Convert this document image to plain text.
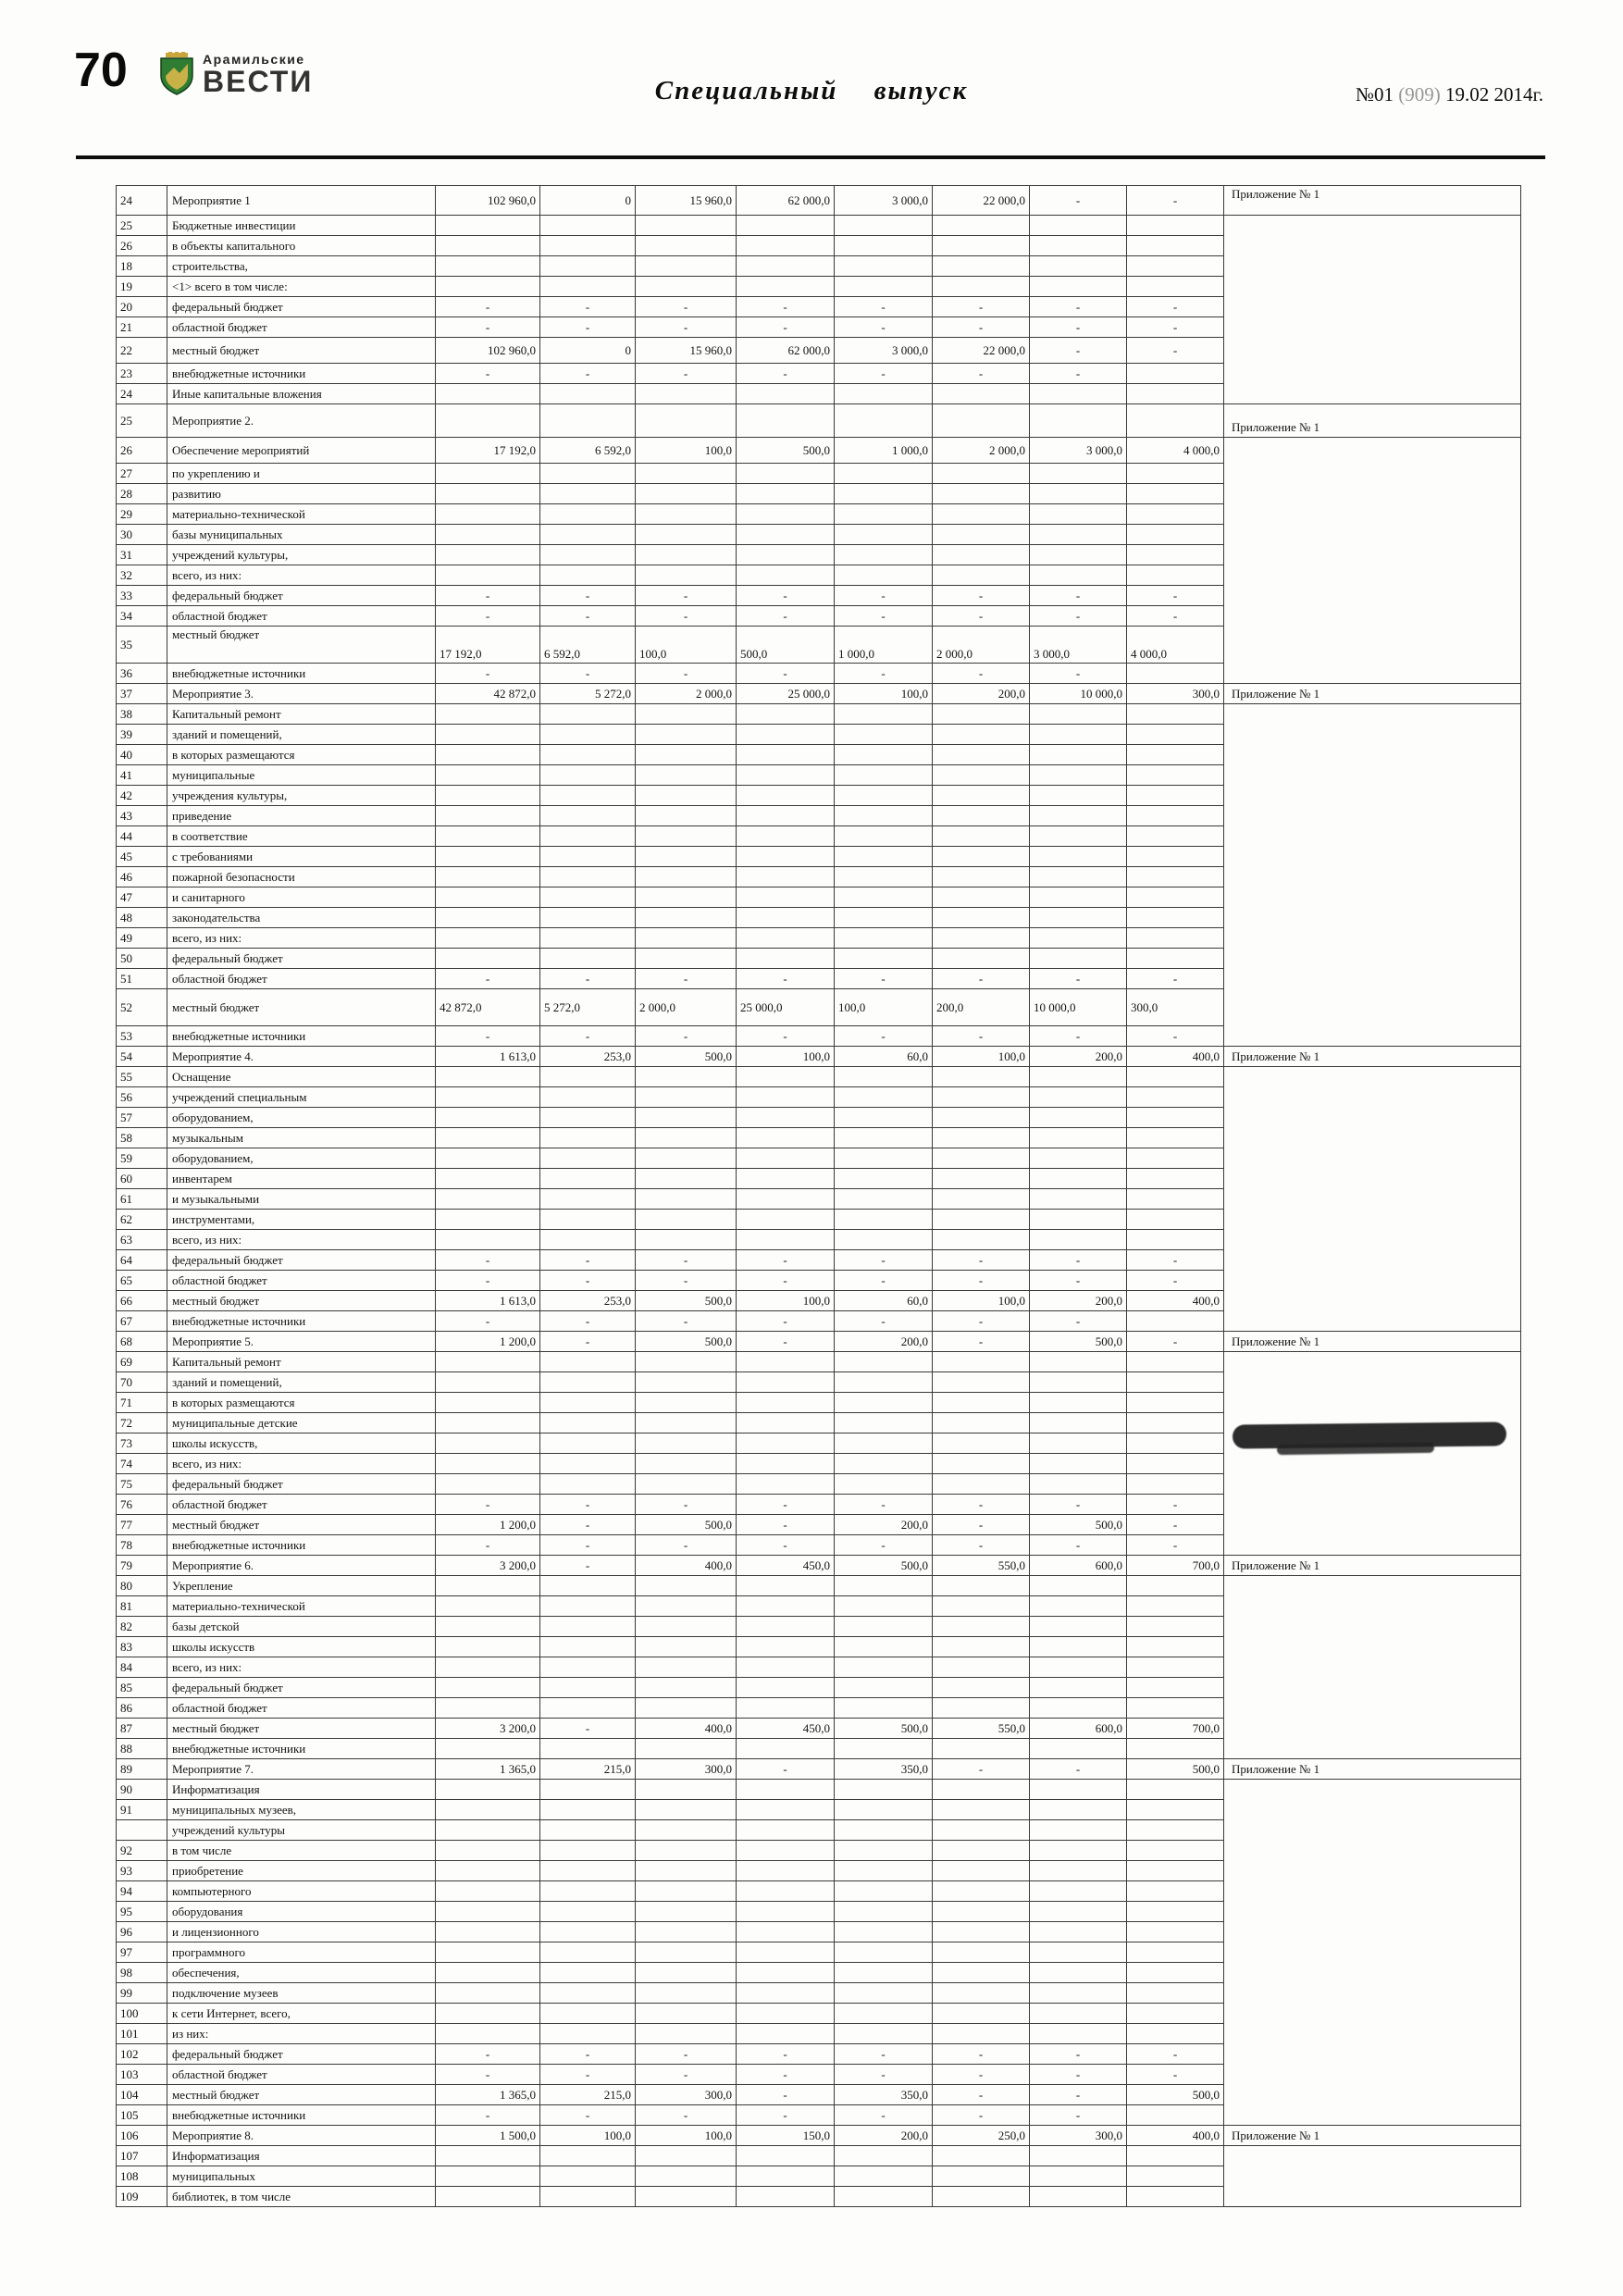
70	Арамильские
ВЕСТИ	Специальный выпуск	№01 (909) 19.02 2014г.
24	Мероприятие 1	102 960,0	0	15 960,0	62 000,0	3 000,0	22 000,0	-	-	Приложение № 1
25	Бюджетные инвестиции									
26	в объекты капитального									
18	строительства,									
19	<1> всего в том числе:									
20	федеральный бюджет	-	-	-	-	-	-	-	-	
21	областной бюджет	-	-	-	-	-	-	-	-	
22	местный бюджет	102 960,0	0	15 960,0	62 000,0	3 000,0	22 000,0	-	-	
23	внебюджетные источники	-	-	-	-	-	-	-		
24	Иные капитальные вложения									
25	Мероприятие 2.									Приложение № 1
26	Обеспечение мероприятий	17 192,0	6 592,0	100,0	500,0	1 000,0	2 000,0	3 000,0	4 000,0	
27	по укреплению и									
28	развитию									
29	материально-технической									
30	базы муниципальных									
31	учреждений культуры,									
32	всего, из них:									
33	федеральный бюджет	-	-	-	-	-	-	-	-	
34	областной бюджет	-	-	-	-	-	-	-	-	
35	местный бюджет	17 192,0	6 592,0	100,0	500,0	1 000,0	2 000,0	3 000,0	4 000,0	
36	внебюджетные источники	-	-	-	-	-	-	-		
37	Мероприятие 3.	42 872,0	5 272,0	2 000,0	25 000,0	100,0	200,0	10 000,0	300,0	Приложение № 1
38	Капитальный ремонт									
39	зданий и помещений,									
40	в которых размещаются									
41	муниципальные									
42	учреждения культуры,									
43	приведение									
44	в соответствие									
45	с требованиями									
46	пожарной безопасности									
47	и санитарного									
48	законодательства									
49	всего, из них:									
50	федеральный бюджет									
51	областной бюджет	-	-	-	-	-	-	-	-	
52	местный бюджет	42 872,0	5 272,0	2 000,0	25 000,0	100,0	200,0	10 000,0	300,0	
53	внебюджетные источники	-	-	-	-	-	-	-	-	
54	Мероприятие 4.	1 613,0	253,0	500,0	100,0	60,0	100,0	200,0	400,0	Приложение № 1
55	Оснащение									
56	учреждений специальным									
57	оборудованием,									
58	музыкальным									
59	оборудованием,									
60	инвентарем									
61	и музыкальными									
62	инструментами,									
63	всего, из них:									
64	федеральный бюджет	-	-	-	-	-	-	-	-	
65	областной бюджет	-	-	-	-	-	-	-	-	
66	местный бюджет	1 613,0	253,0	500,0	100,0	60,0	100,0	200,0	400,0	
67	внебюджетные источники	-	-	-	-	-	-	-		
68	Мероприятие 5.	1 200,0	-	500,0	-	200,0	-	500,0	-	Приложение № 1
69	Капитальный ремонт									
70	зданий и помещений,									
71	в которых размещаются									
72	муниципальные детские									
73	школы искусств,									
74	всего, из них:									
75	федеральный бюджет									
76	областной бюджет	-	-	-	-	-	-	-	-	
77	местный бюджет	1 200,0	-	500,0	-	200,0	-	500,0	-	
78	внебюджетные источники	-	-	-	-	-	-	-	-	
79	Мероприятие 6.	3 200,0	-	400,0	450,0	500,0	550,0	600,0	700,0	Приложение № 1
80	Укрепление									
81	материально-технической									
82	базы детской									
83	школы искусств									
84	всего, из них:									
85	федеральный бюджет									
86	областной бюджет									
87	местный бюджет	3 200,0	-	400,0	450,0	500,0	550,0	600,0	700,0	
88	внебюджетные источники									
89	Мероприятие 7.	1 365,0	215,0	300,0	-	350,0	-	-	500,0	Приложение № 1
90	Информатизация									
91	муниципальных музеев,									
	учреждений культуры									
92	в том числе									
93	приобретение									
94	компьютерного									
95	оборудования									
96	и лицензионного									
97	программного									
98	обеспечения,									
99	подключение музеев									
100	к сети Интернет, всего,									
101	из них:									
102	федеральный бюджет	-	-	-	-	-	-	-	-	
103	областной бюджет	-	-	-	-	-	-	-	-	
104	местный бюджет	1 365,0	215,0	300,0	-	350,0	-	-	500,0	
105	внебюджетные источники	-	-	-	-	-	-	-		
106	Мероприятие 8.	1 500,0	100,0	100,0	150,0	200,0	250,0	300,0	400,0	Приложение № 1
107	Информатизация									
108	муниципальных									
109	библиотек, в том числе									
